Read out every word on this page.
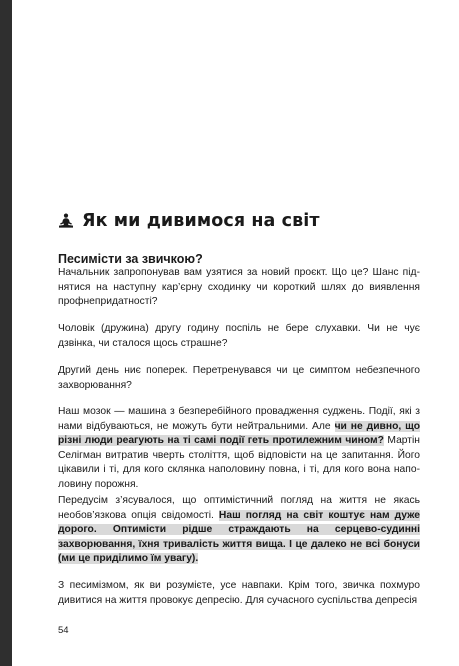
Як ми дивимося на світ
Песимісти за звичкою?

Начальник запропонував вам узятися за новий проєкт. Що це? Шанс піднятися на наступну кар’єрну сходинку чи короткий шлях до виявлення профнепридатності?

Чоловік (дружина) другу годину поспіль не бере слухавки. Чи не чує дзвінка, чи сталося щось страшне?

Другий день ниє поперек. Перетренувався чи це симптом небезпечного захворювання?

Наш мозок — машина з безперебійного провадження суджень. Події, які з нами відбуваються, не можуть бути нейтральними. Але чи не дивно, що різні люди реагують на ті самі події геть протилежним чином? Мартін Селігман витратив чверть століття, щоб відповісти на це запитання. Його цікавили і ті, для кого склянка наполовину повна, і ті, для кого вона наполовину порожня.

Передусім з’ясувалося, що оптимістичний погляд на життя не якась необов’язкова опція свідомості. Наш погляд на світ коштує нам дуже дорого. Оптимісти рідше страждають на серцево-судинні захворювання, їхня тривалість життя вища. І це далеко не всі бонуси (ми це приділимо їм увагу).

З песимізмом, як ви розумієте, усе навпаки. Крім того, звичка похмуро дивитися на життя провокує депресію. Для сучасного суспільства депресія

54
